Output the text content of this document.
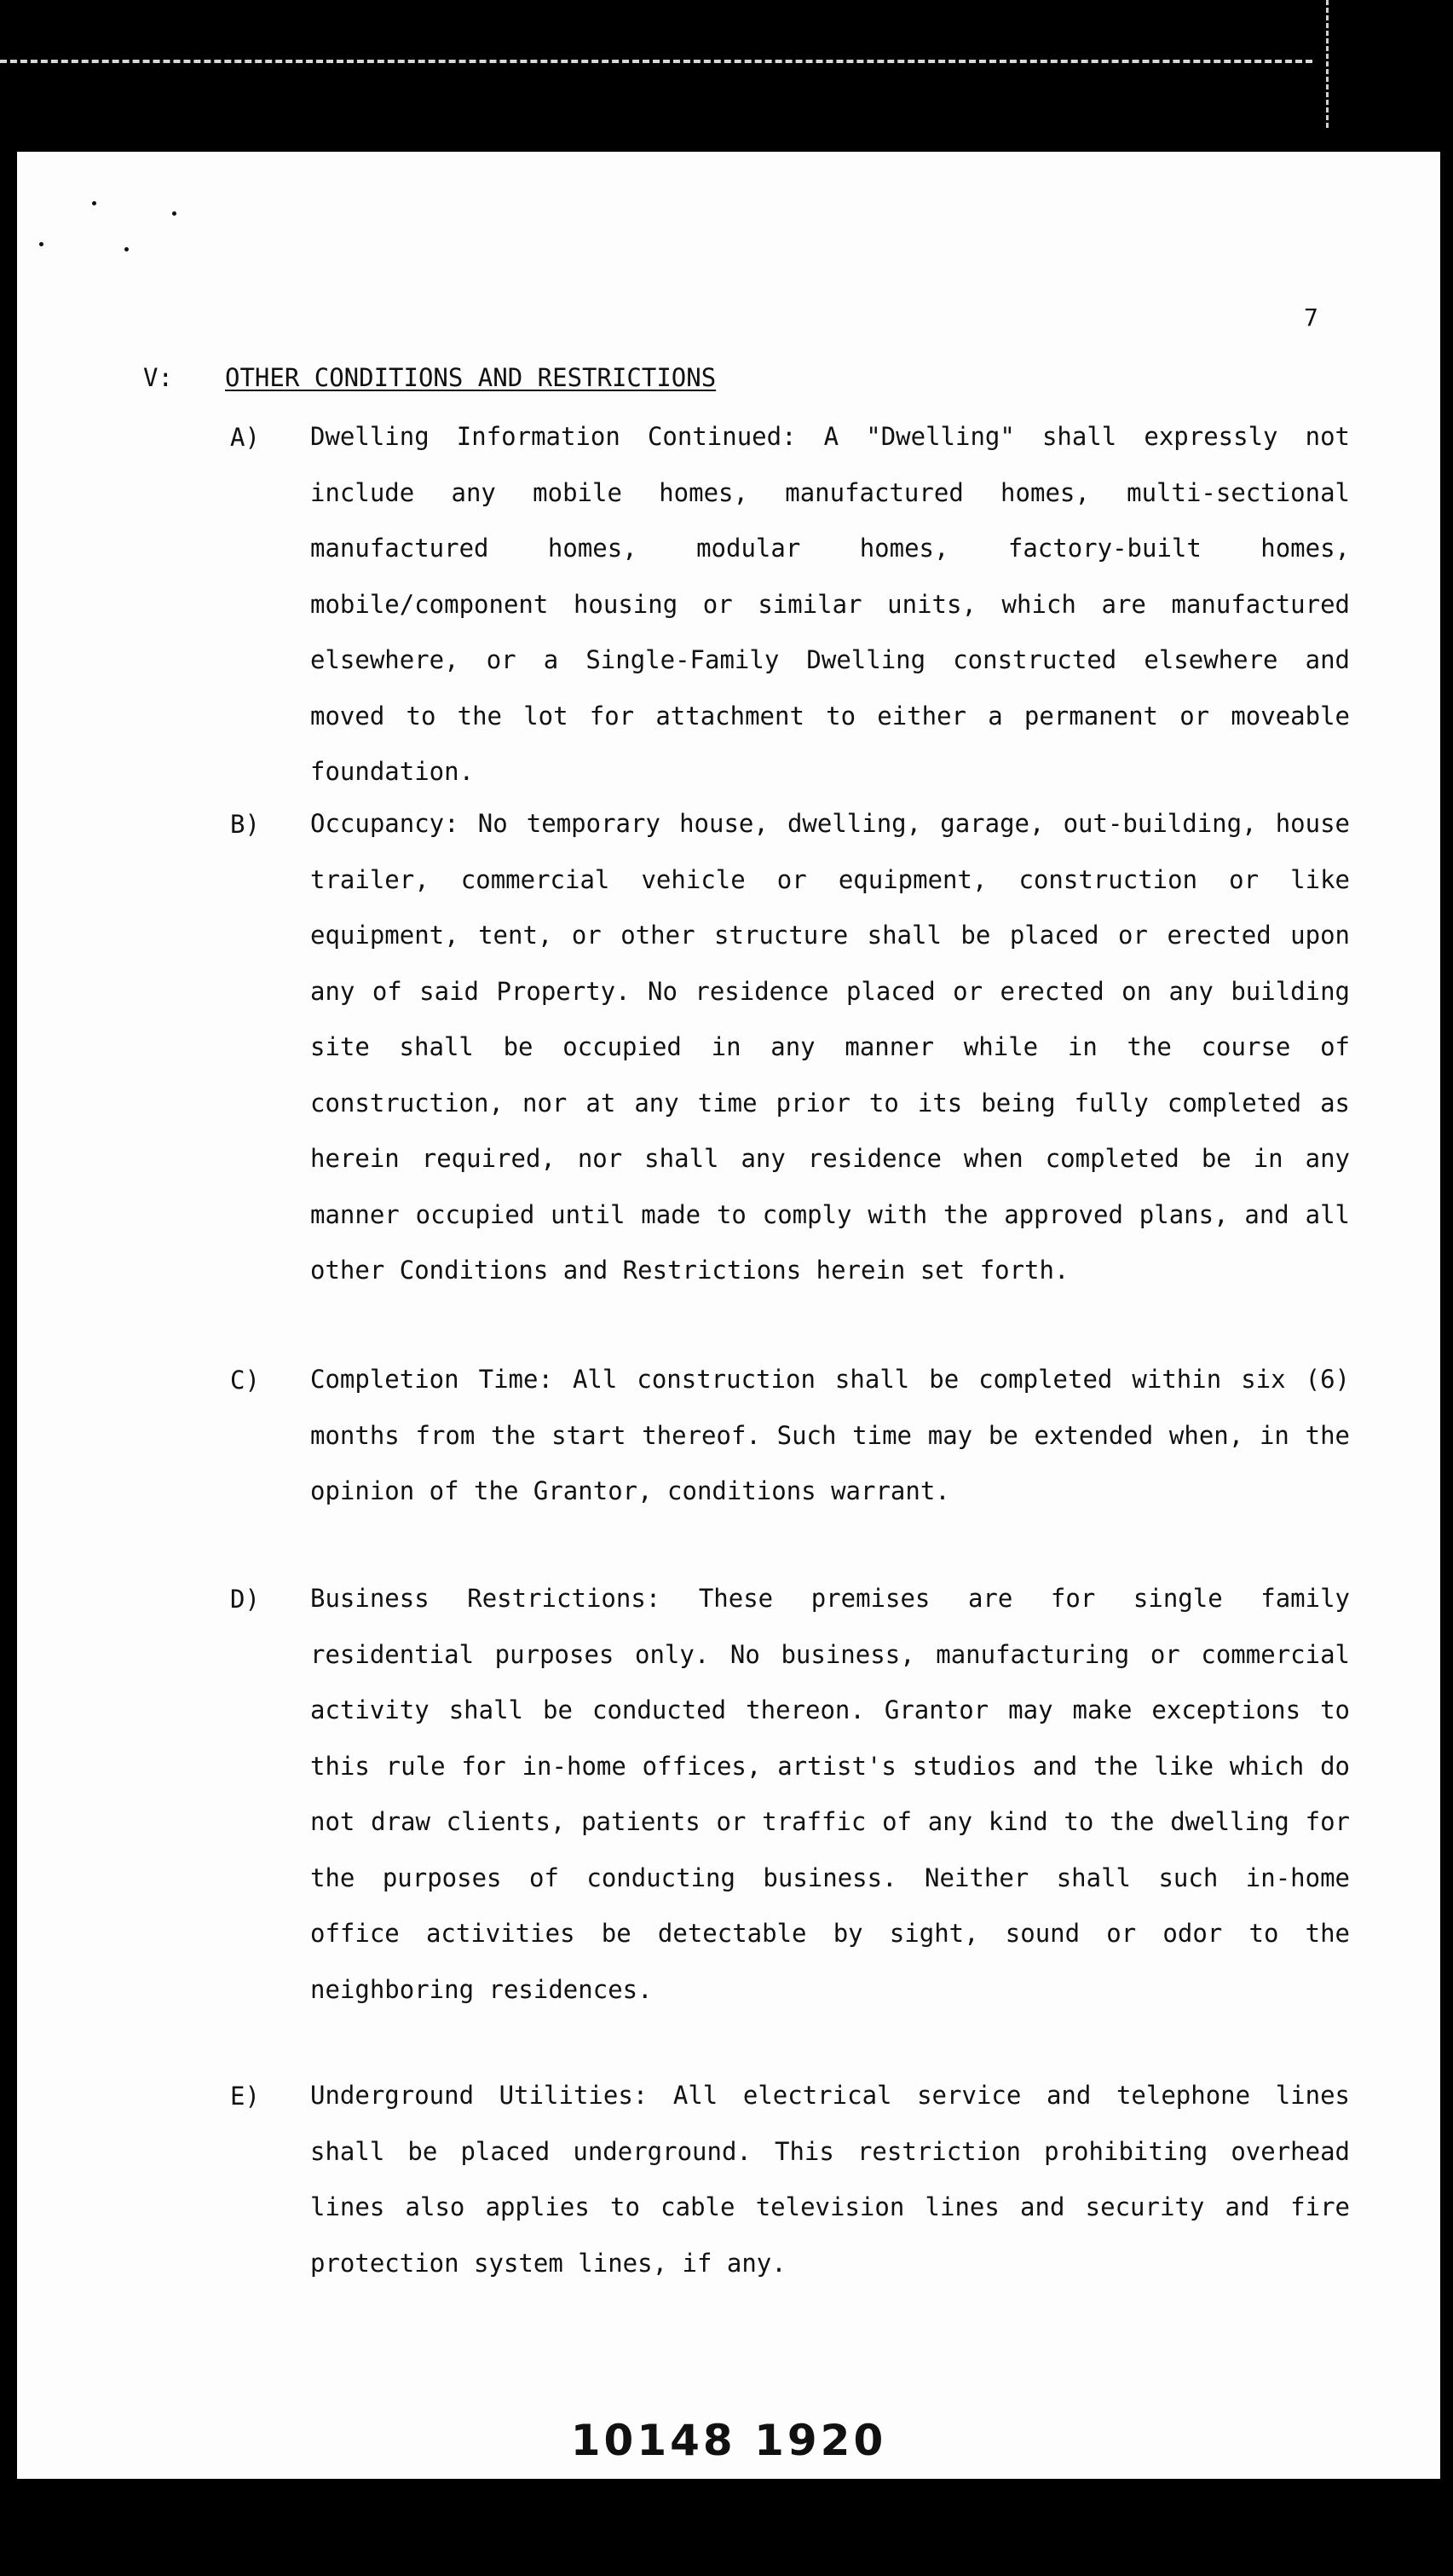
7
V: OTHER CONDITIONS AND RESTRICTIONS
A) Dwelling Information Continued: A "Dwelling" shall expressly not include any mobile homes, manufactured homes, multi-sectional manufactured homes, modular homes, factory-built homes, mobile/component housing or similar units, which are manufactured elsewhere, or a Single-Family Dwelling constructed elsewhere and moved to the lot for attachment to either a permanent or moveable foundation.

B) Occupancy: No temporary house, dwelling, garage, out-building, house trailer, commercial vehicle or equipment, construction or like equipment, tent, or other structure shall be placed or erected upon any of said Property. No residence placed or erected on any building site shall be occupied in any manner while in the course of construction, nor at any time prior to its being fully completed as herein required, nor shall any residence when completed be in any manner occupied until made to comply with the approved plans, and all other Conditions and Restrictions herein set forth.

C) Completion Time: All construction shall be completed within six (6) months from the start thereof. Such time may be extended when, in the opinion of the Grantor, conditions warrant.

D) Business Restrictions: These premises are for single family residential purposes only. No business, manufacturing or commercial activity shall be conducted thereon. Grantor may make exceptions to this rule for in-home offices, artist's studios and the like which do not draw clients, patients or traffic of any kind to the dwelling for the purposes of conducting business. Neither shall such in-home office activities be detectable by sight, sound or odor to the neighboring residences.

E) Underground Utilities: All electrical service and telephone lines shall be placed underground. This restriction prohibiting overhead lines also applies to cable television lines and security and fire protection system lines, if any.

10148 1920
